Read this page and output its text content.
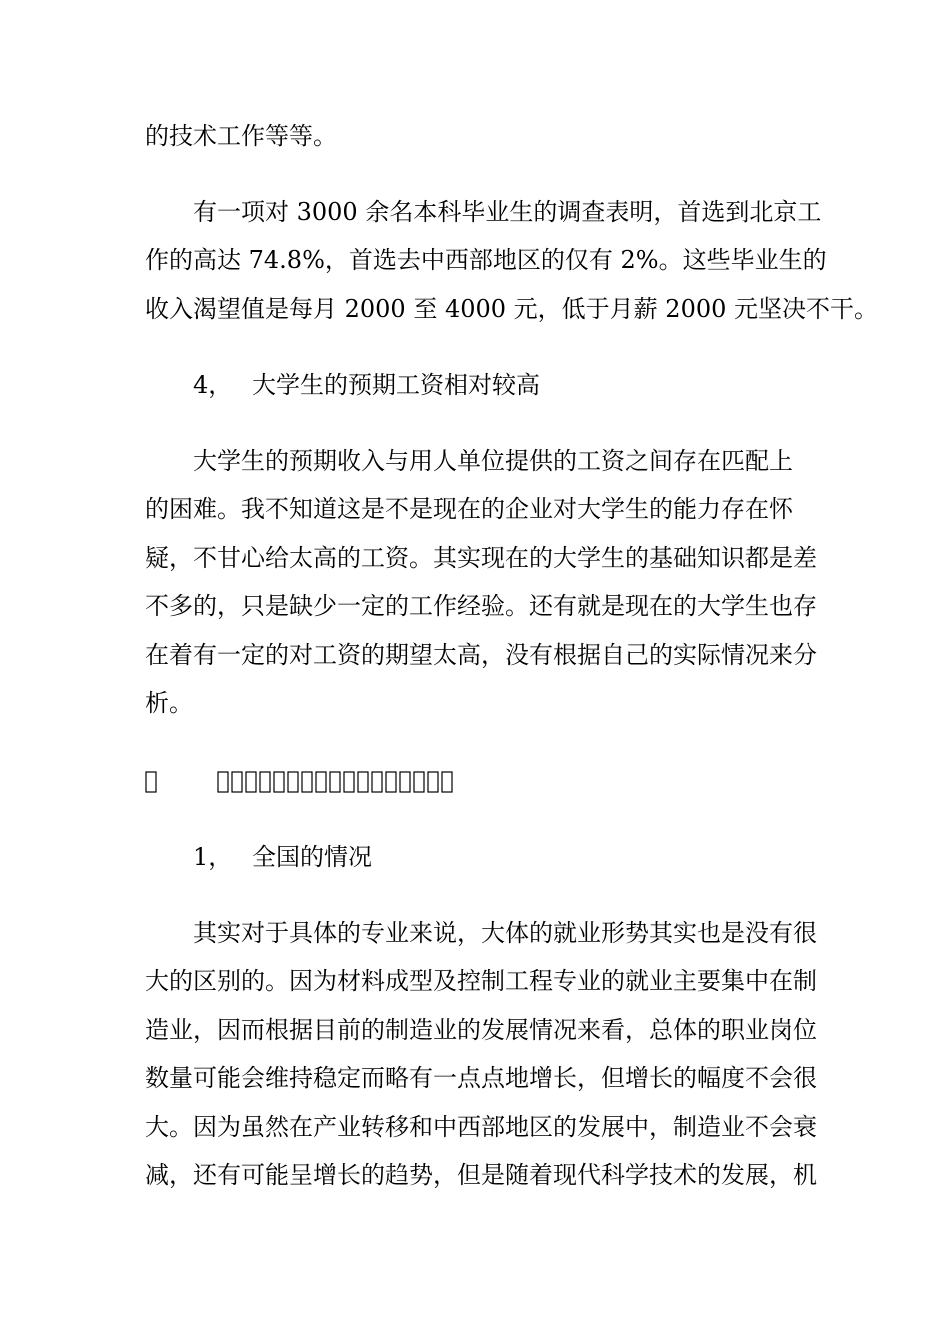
的技术工作等等。
有一项对 3000 余名本科毕业生的调查表明，首选到北京工
作的高达 74.8%，首选去中西部地区的仅有 2%。这些毕业生的
收入渴望值是每月 2000 至 4000 元，低于月薪 2000 元坚决不干。
4， 大学生的预期工资相对较高
大学生的预期收入与用人单位提供的工资之间存在匹配上
的困难。我不知道这是不是现在的企业对大学生的能力存在怀
疑，不甘心给太高的工资。其实现在的大学生的基础知识都是差
不多的，只是缺少一定的工作经验。还有就是现在的大学生也存
在着有一定的对工资的期望太高，没有根据自己的实际情况来分
析。
1， 全国的情况
其实对于具体的专业来说，大体的就业形势其实也是没有很
大的区别的。因为材料成型及控制工程专业的就业主要集中在制
造业，因而根据目前的制造业的发展情况来看，总体的职业岗位
数量可能会维持稳定而略有一点点地增长，但增长的幅度不会很
大。因为虽然在产业转移和中西部地区的发展中，制造业不会衰
减，还有可能呈增长的趋势，但是随着现代科学技术的发展，机
